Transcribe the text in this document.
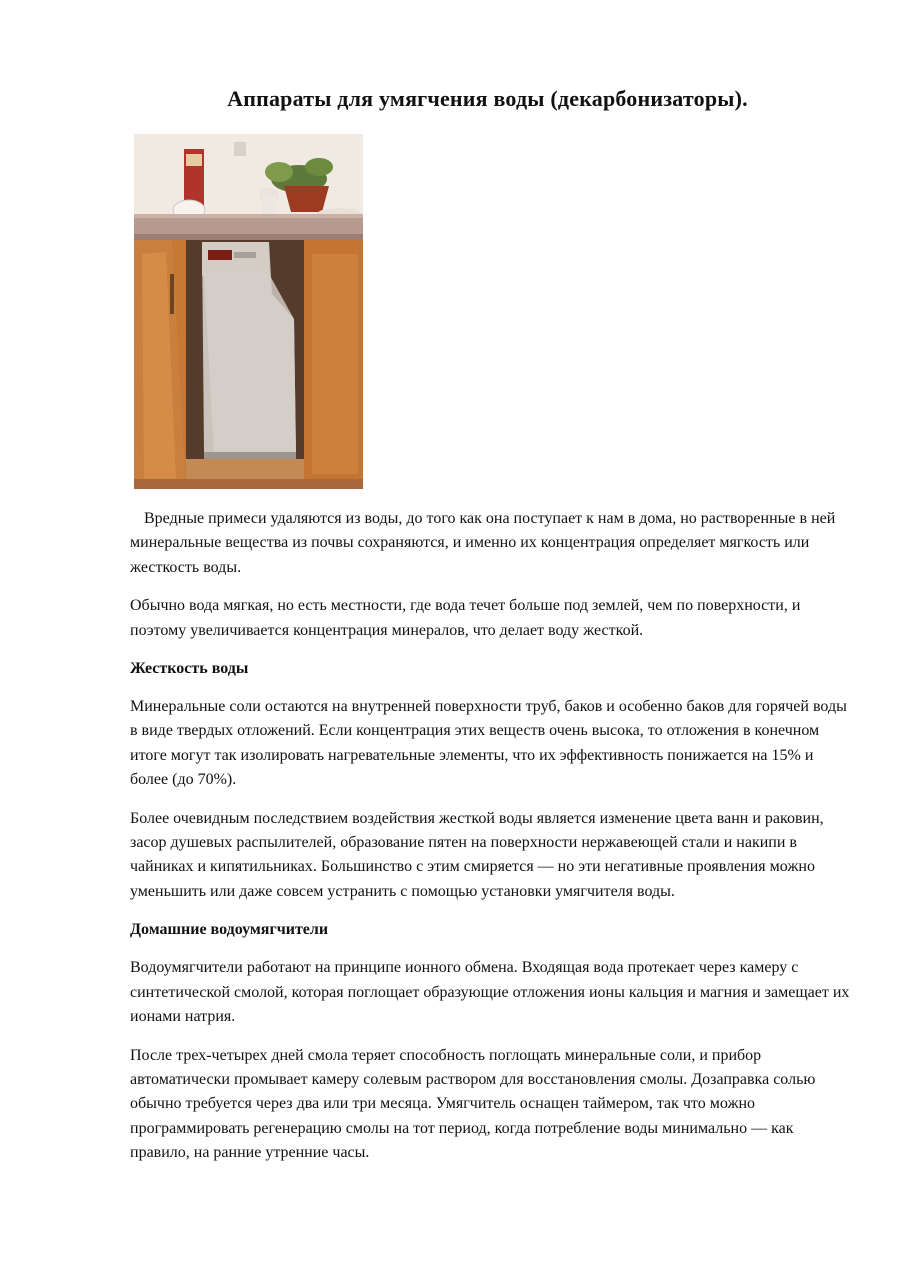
Аппараты для умягчения воды (декарбонизаторы).

Вредные примеси удаляются из воды, до того как она поступает к нам в дома, но растворенные в ней минеральные вещества из почвы сохраняются, и именно их концентрация определяет мягкость или жесткость воды.

Обычно вода мягкая, но есть местности, где вода течет больше под землей, чем по поверхности, и поэтому увеличивается концентрация минералов, что делает воду жесткой.

Жесткость воды

Минеральные соли остаются на внутренней поверхности труб, баков и особенно баков для горячей воды в виде твердых отложений. Если концентрация этих веществ очень высока, то отложения в конечном итоге могут так изолировать нагревательные элементы, что их эффективность понижается на 15% и более (до 70%).

Более очевидным последствием воздействия жесткой воды является изменение цвета ванн и раковин, засор душевых распылителей, образование пятен на поверхности нержавеющей стали и накипи в чайниках и кипятильниках. Большинство с этим смиряется — но эти негативные проявления можно уменьшить или даже совсем устранить с помощью установки умягчителя воды.

Домашние водоумягчители

Водоумягчители работают на принципе ионного обмена. Входящая вода протекает через камеру с синтетической смолой, которая поглощает образующие отложения ионы кальция и магния и замещает их ионами натрия.

После трех-четырех дней смола теряет способность поглощать минеральные соли, и прибор автоматически промывает камеру солевым раствором для восстановления смолы. Дозаправка солью обычно требуется через два или три месяца. Умягчитель оснащен таймером, так что можно программировать регенерацию смолы на тот период, когда потребление воды минимально — как правило, на ранние утренние часы.
